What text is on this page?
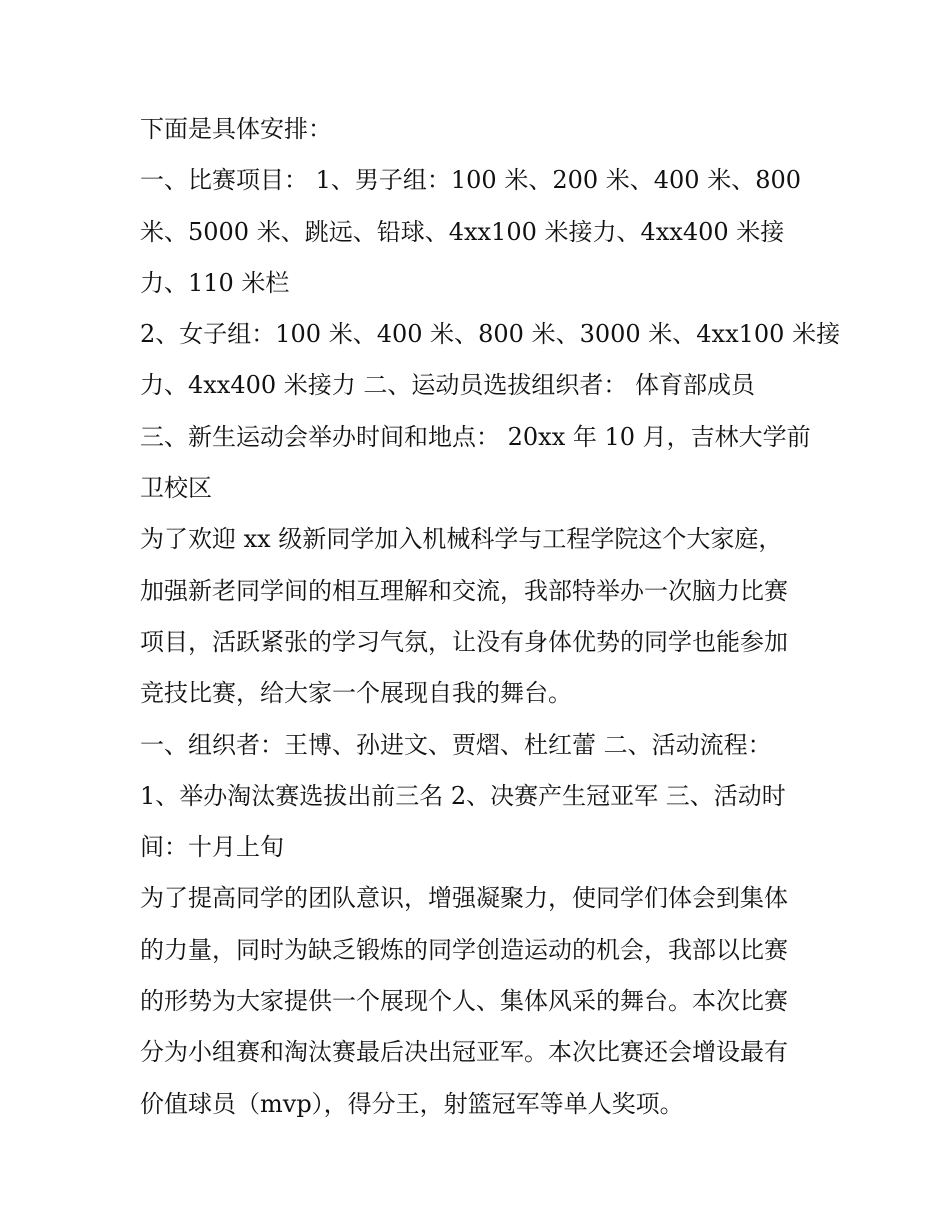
下面是具体安排：
一、比赛项目： 1、男子组：100 米、200 米、400 米、800
米、5000 米、跳远、铅球、4xx100 米接力、4xx400 米接
力、110 米栏
2、女子组：100 米、400 米、800 米、3000 米、4xx100 米接
力、4xx400 米接力 二、运动员选拔组织者： 体育部成员
三、新生运动会举办时间和地点： 20xx 年 10 月，吉林大学前
卫校区
为了欢迎 xx 级新同学加入机械科学与工程学院这个大家庭，
加强新老同学间的相互理解和交流，我部特举办一次脑力比赛
项目，活跃紧张的学习气氛，让没有身体优势的同学也能参加
竞技比赛，给大家一个展现自我的舞台。
一、组织者：王博、孙进文、贾熠、杜红蕾 二、活动流程：
1、举办淘汰赛选拔出前三名 2、决赛产生冠亚军 三、活动时
间：十月上旬
为了提高同学的团队意识，增强凝聚力，使同学们体会到集体
的力量，同时为缺乏锻炼的同学创造运动的机会，我部以比赛
的形势为大家提供一个展现个人、集体风采的舞台。本次比赛
分为小组赛和淘汰赛最后决出冠亚军。本次比赛还会增设最有
价值球员（mvp），得分王，射篮冠军等单人奖项。
